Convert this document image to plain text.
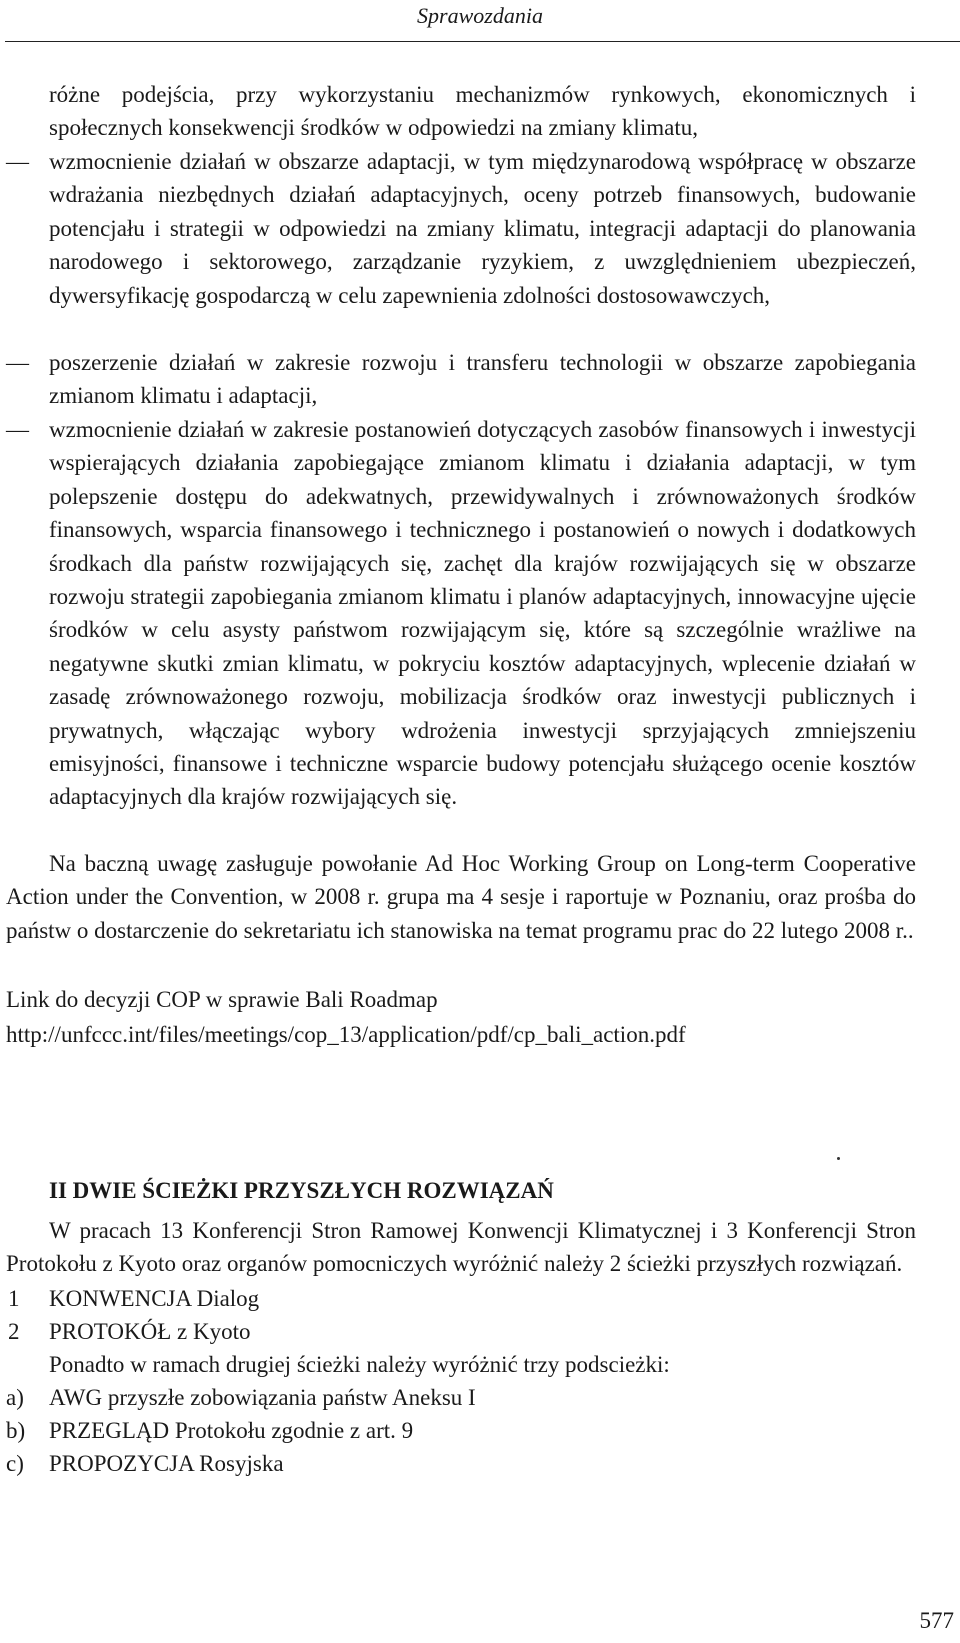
Sprawozdania

różne podejścia, przy wykorzystaniu mechanizmów rynkowych, ekonomicznych i społecznych konsekwencji środków w odpowiedzi na zmiany klimatu,

— wzmocnienie działań w obszarze adaptacji, w tym międzynarodową współpracę w obszarze wdrażania niezbędnych działań adaptacyjnych, oceny potrzeb finansowych, budowanie potencjału i strategii w odpowiedzi na zmiany klimatu, integracji adaptacji do planowania narodowego i sektorowego, zarządzanie ryzykiem, z uwzględnieniem ubezpieczeń, dywersyfikację gospodarczą w celu zapewnienia zdolności dostosowawczych,

— poszerzenie działań w zakresie rozwoju i transferu technologii w obszarze zapobiegania zmianom klimatu i adaptacji,

— wzmocnienie działań w zakresie postanowień dotyczących zasobów finansowych i inwestycji wspierających działania zapobiegające zmianom klimatu i działania adaptacji, w tym polepszenie dostępu do adekwatnych, przewidywalnych i zrównoważonych środków finansowych, wsparcia finansowego i technicznego i postanowień o nowych i dodatkowych środkach dla państw rozwijających się, zachęt dla krajów rozwijających się w obszarze rozwoju strategii zapobiegania zmianom klimatu i planów adaptacyjnych, innowacyjne ujęcie środków w celu asysty państwom rozwijającym się, które są szczególnie wrażliwe na negatywne skutki zmian klimatu, w pokryciu kosztów adaptacyjnych, wplecenie działań w zasadę zrównoważonego rozwoju, mobilizacja środków oraz inwestycji publicznych i prywatnych, włączając wybory wdrożenia inwestycji sprzyjających zmniejszeniu emisyjności, finansowe i techniczne wsparcie budowy potencjału służącego ocenie kosztów adaptacyjnych dla krajów rozwijających się.

Na baczną uwagę zasługuje powołanie Ad Hoc Working Group on Long-term Cooperative Action under the Convention, w 2008 r. grupa ma 4 sesje i raportuje w Poznaniu, oraz prośba do państw o dostarczenie do sekretariatu ich stanowiska na temat programu prac do 22 lutego 2008 r..

Link do decyzji COP w sprawie Bali Roadmap
http://unfccc.int/files/meetings/cop_13/application/pdf/cp_bali_action.pdf
II DWIE ŚCIEŻKI PRZYSZŁYCH ROZWIĄZAŃ

W pracach 13 Konferencji Stron Ramowej Konwencji Klimatycznej i 3 Konferencji Stron Protokołu z Kyoto oraz organów pomocniczych wyróżnić należy 2 ścieżki przyszłych rozwiązań.

1 KONWENCJA Dialog
2 PROTOKÓŁ z Kyoto
Ponadto w ramach drugiej ścieżki należy wyróżnić trzy podscieżki:
a) AWG przyszłe zobowiązania państw Aneksu I
b) PRZEGLĄD Protokołu zgodnie z art. 9
c) PROPOZYCJA Rosyjska
577
